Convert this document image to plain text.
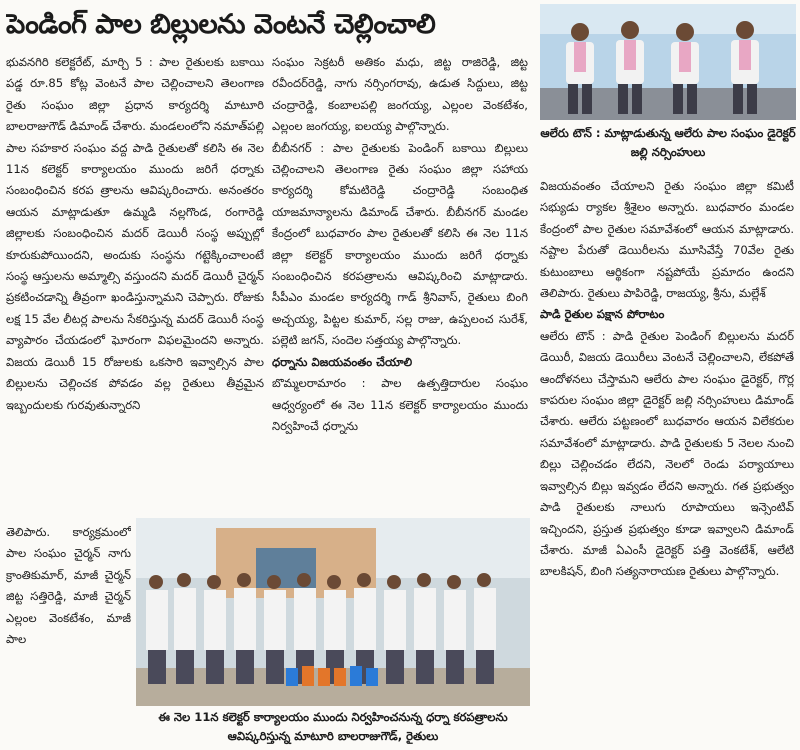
పెండింగ్ పాల బిల్లులను వెంటనే చెల్లించాలి

భువనగిరి కలెక్టరేట్, మార్చి 5 : పాల రైతులకు బకాయి పడ్డ రూ.85 కోట్ల వెంటనే పాల చెల్లించాలని తెలంగాణ రైతు సంఘం జిల్లా ప్రధాన కార్యదర్శి మాటూరి బాలరాజుగౌడ్ డిమాండ్ చేశారు. మండలంలోని నమాత్‌పల్లి పాల సహకార సంఘం వద్ద పాడి రైతులతో కలిసి ఈ నెల 11న కలెక్టర్ కార్యాలయం ముందు జరిగే ధర్నాకు సంబంధించిన కరప త్రాలను ఆవిష్కరించారు. అనంతరం ఆయన మాట్లాడుతూ ఉమ్మడి నల్లగొండ, రంగారెడ్డి జిల్లాలకు సంబంధించిన మదర్ డెయిరీ సంస్థ అప్పుల్లో కూరుకుపోయిందని, అందుకు సంస్థను గట్టెక్కించాలంటే సంస్థ ఆస్తులను అమ్మాల్సి వస్తుందని మదర్ డెయిరీ చైర్మన్ ప్రకటించడాన్ని తీవ్రంగా ఖండిస్తున్నామని చెప్పారు. రోజుకు లక్ష 15 వేల లీటర్ల పాలను సేకరిస్తున్న మదర్ డెయిరీ సంస్థ వ్యాపారం చేయడంలో ఘోరంగా విఫలమైందని అన్నారు. విజయ డెయిరీ 15 రోజులకు ఒకసారి ఇవ్వాల్సిన పాల బిల్లులను చెల్లించక పోవడం వల్ల రైతులు తీవ్రమైన ఇబ్బందులకు గురవుతున్నారని

తెలిపారు. కార్యక్రమంలో పాల సంఘం చైర్మన్ నాగు క్రాంతికుమార్, మాజీ చైర్మన్ జిట్ట సత్తిరెడ్డి, మాజీ చైర్మన్ ఎల్లంల వెంకటేశం, మాజీ పాల

సంఘం సెక్రటరీ అతికం మధు, జిట్ట రాజిరెడ్డి, జిట్ట రవీందర్‌రెడ్డి, నాగు నర్సింగరావు, ఉడుత సిద్దులు, జిట్ట చంద్రారెడ్డి, కంబాలపల్లి జంగయ్య, ఎల్లంల వెంకటేశం, ఎల్లంల జంగయ్య, ఐలయ్య పాల్గొన్నారు.

బీబీనగర్ : పాల రైతులకు పెండింగ్ బకాయి బిల్లులు చెల్లించాలని తెలంగాణ రైతు సంఘం జిల్లా సహాయ కార్యదర్శి కోమటిరెడ్డి చంద్రారెడ్డి సంబంధిత యాజమాన్యాలను డిమాండ్ చేశారు. బీబీనగర్ మండల కేంద్రంలో బుధవారం పాల రైతులతో కలిసి ఈ నెల 11న జిల్లా కలెక్టర్ కార్యాలయం ముందు జరిగే ధర్నాకు సంబంధించిన కరపత్రాలను ఆవిష్కరించి మాట్లాడారు. సీపీఎం మండల కార్యదర్శి గాడ్ శ్రీనివాస్, రైతులు బింగి అచ్చయ్య, పిట్టల కుమార్, సల్ల రాజు, ఉప్పలంచ సురేశ్, పల్లెటి జగన్, సందెల సత్తయ్య పాల్గొన్నారు.

ధర్నాను విజయవంతం చేయాలి

బొమ్మలరామారం : పాల ఉత్పత్తిదారుల సంఘం ఆధ్వర్యంలో ఈ నెల 11న కలెక్టర్ కార్యాలయం ముందు నిర్వహించే ధర్నాను

ఆలేరు టౌన్ : మాట్లాడుతున్న ఆలేరు పాల సంఘం డైరెక్టర్ జల్లి నర్సింహులు

విజయవంతం చేయాలని రైతు సంఘం జిల్లా కమిటీ సభ్యుడు ర్యాకల శ్రీశైలం అన్నారు. బుధవారం మండల కేంద్రంలో పాల రైతుల సమావేశంలో ఆయన మాట్లాడారు. నష్టాల పేరుతో డెయిరీలను మూసివేస్తే 70వేల రైతు కుటుంబాలు ఆర్థికంగా నష్టపోయే ప్రమాదం ఉందని తెలిపారు. రైతులు పాపిరెడ్డి, రాజయ్య, శ్రీను, మల్లేశ్

పాడి రైతుల పక్షాన పోరాటం

ఆలేరు టౌన్ : పాడి రైతుల పెండింగ్ బిల్లులను మదర్ డెయిరీ, విజయ డెయిరీలు వెంటనే చెల్లించాలని, లేకపోతే ఆందోళనలు చేస్తామని ఆలేరు పాల సంఘం డైరెక్టర్, గొర్ల కాపరుల సంఘం జిల్లా డైరెక్టర్ జల్లి నర్సింహులు డిమాండ్ చేశారు. ఆలేరు పట్టణంలో బుధవారం ఆయన విలేకరుల సమావేశంలో మాట్లాడారు. పాడి రైతులకు 5 నెలల నుంచి బిల్లు చెల్లించడం లేదని, నెలలో రెండు పర్యాయాలు ఇవ్వాల్సిన బిల్లు ఇవ్వడం లేదని అన్నారు. గత ప్రభుత్వం పాడి రైతులకు నాలుగు రూపాయలు ఇన్సెంటివ్ ఇచ్చిందని, ప్రస్తుత ప్రభుత్వం కూడా ఇవ్వాలని డిమాండ్ చేశారు. మాజీ ఏఎంసీ డైరెక్టర్ పత్తి వెంకటేశ్, ఆలేటి బాలకిషన్, బింగి సత్యనారాయణ రైతులు పాల్గొన్నారు.

ఈ నెల 11న కలెక్టర్ కార్యాలయం ముందు నిర్వహించనున్న ధర్నా కరపత్రాలను ఆవిష్కరిస్తున్న మాటూరి బాలరాజుగౌడ్, రైతులు
